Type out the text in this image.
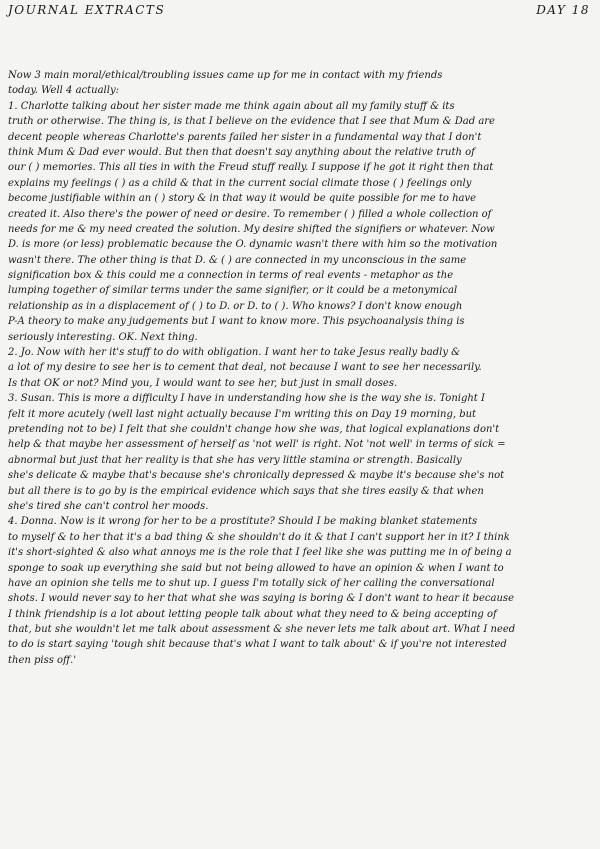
JOURNAL EXTRACTS	DAY 18
Now 3 main moral/ethical/troubling issues came up for me in contact with my friends
today. Well 4 actually:
1. Charlotte talking about her sister made me think again about all my family stuff & its
truth or otherwise. The thing is, is that I believe on the evidence that I see that Mum & Dad are
decent people whereas Charlotte's parents failed her sister in a fundamental way that I don't
think Mum & Dad ever would. But then that doesn't say anything about the relative truth of
our ( ) memories. This all ties in with the Freud stuff really. I suppose if he got it right then that
explains my feelings ( ) as a child & that in the current social climate those ( ) feelings only
become justifiable within an ( ) story & in that way it would be quite possible for me to have
created it. Also there's the power of need or desire. To remember ( ) filled a whole collection of
needs for me & my need created the solution. My desire shifted the signifiers or whatever. Now
D. is more (or less) problematic because the O. dynamic wasn't there with him so the motivation
wasn't there. The other thing is that D. & ( ) are connected in my unconscious in the same
signification box & this could me a connection in terms of real events - metaphor as the
lumping together of similar terms under the same signifier, or it could be a metonymical
relationship as in a displacement of ( ) to D. or D. to ( ). Who knows? I don't know enough
P-A theory to make any judgements but I want to know more. This psychoanalysis thing is
seriously interesting. OK. Next thing.
2. Jo. Now with her it's stuff to do with obligation. I want her to take Jesus really badly &
a lot of my desire to see her is to cement that deal, not because I want to see her necessarily.
Is that OK or not? Mind you, I would want to see her, but just in small doses.
3. Susan. This is more a difficulty I have in understanding how she is the way she is. Tonight I
felt it more acutely (well last night actually because I'm writing this on Day 19 morning, but
pretending not to be) I felt that she couldn't change how she was, that logical explanations don't
help & that maybe her assessment of herself as 'not well' is right. Not 'not well' in terms of sick =
abnormal but just that her reality is that she has very little stamina or strength. Basically
she's delicate & maybe that's because she's chronically depressed & maybe it's because she's not
but all there is to go by is the empirical evidence which says that she tires easily & that when
she's tired she can't control her moods.
4. Donna. Now is it wrong for her to be a prostitute? Should I be making blanket statements
to myself & to her that it's a bad thing & she shouldn't do it & that I can't support her in it? I think
it's short-sighted & also what annoys me is the role that I feel like she was putting me in of being a
sponge to soak up everything she said but not being allowed to have an opinion & when I want to
have an opinion she tells me to shut up. I guess I'm totally sick of her calling the conversational
shots. I would never say to her that what she was saying is boring & I don't want to hear it because
I think friendship is a lot about letting people talk about what they need to & being accepting of
that, but she wouldn't let me talk about assessment & she never lets me talk about art. What I need
to do is start saying 'tough shit because that's what I want to talk about' & if you're not interested
then piss off.'
